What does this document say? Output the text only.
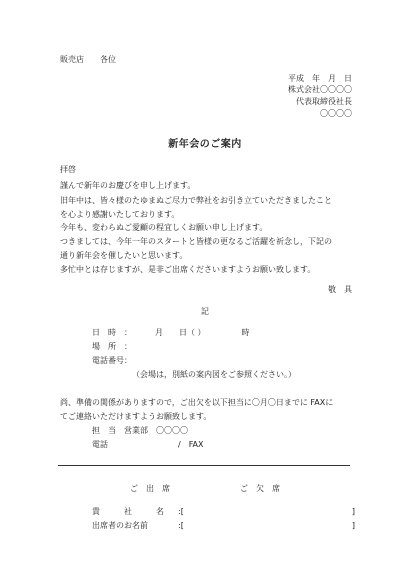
販売店　　各位
平成　年　月　日
株式会社〇〇〇〇
代表取締役社長
〇〇〇〇
新年会のご案内
拝啓
謹んで新年のお慶びを申し上げます。
旧年中は、皆々様のたゆまぬご尽力で弊社をお引き立ていただきましたこと
を心より感謝いたしております。
今年も、変わらぬご愛顧の程宜しくお願い申し上げます。
つきましては、今年一年のスタートと皆様の更なるご活躍を祈念し，下記の
通り新年会を催したいと思います。
多忙中とは存じますが、是非ご出席くださいますようお願い致します。
敬　具
記
日　時　：	月　　日（ ）　　　　　時
場　所　：
電話番号：
（会場は，別紙の案内図をご参照ください。）
尚、準備の関係がありますので，ご出欠を以下担当に〇月〇日までに FAXに
てご連絡いただけますようお願致します。
担　当　営業部　〇〇〇〇
電話	/　FAX
ご　出　席	ご　欠　席
貴　　　社　　　名 :[　　　　　　　　　　　　　　　　　　　　　]
出席者のお名前	:[　　　　　　　　　　　　　　　　　　　　　]
